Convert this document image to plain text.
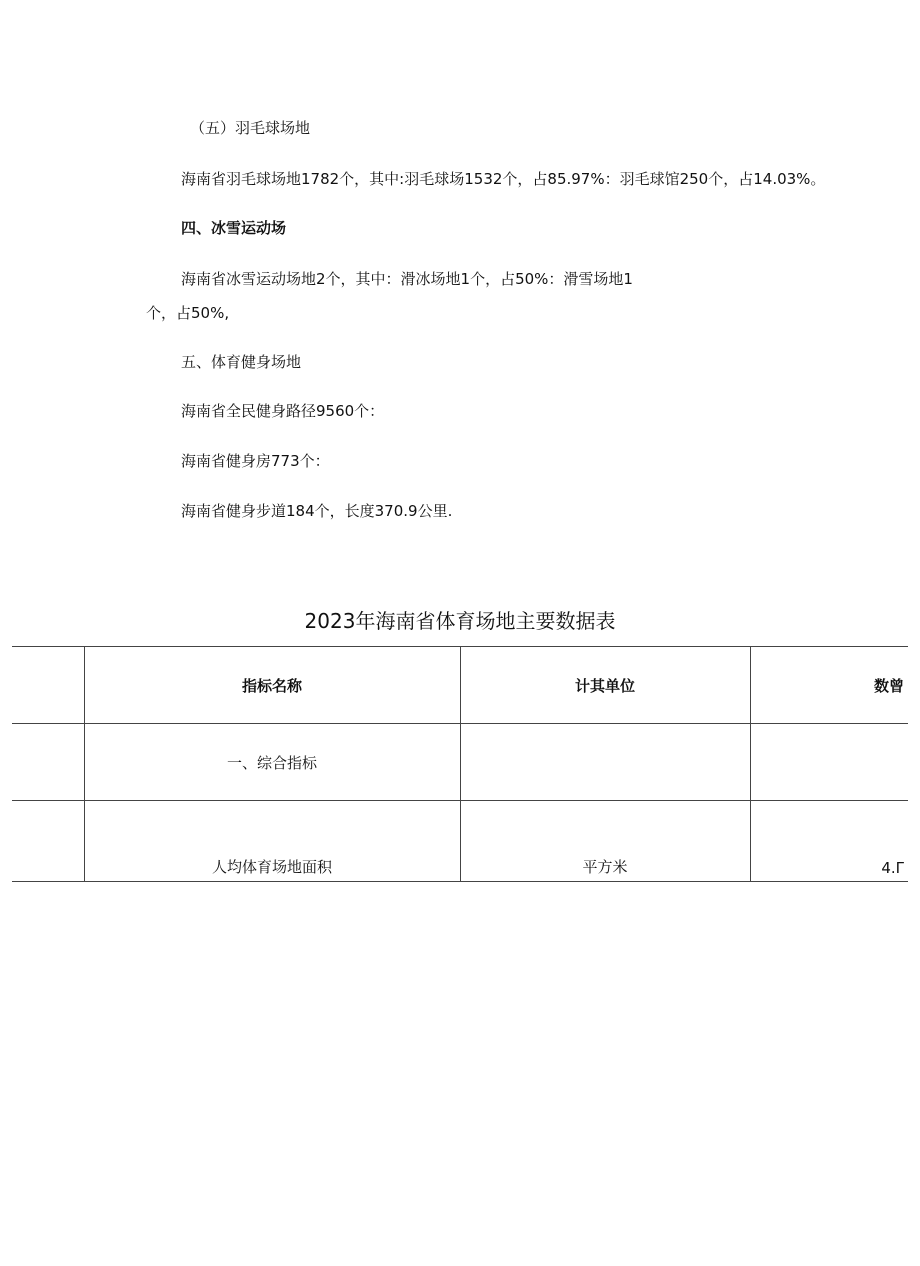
（五）羽毛球场地

海南省羽毛球场地1782个，其中:羽毛球场1532个，占85.97%：羽毛球馆250个，占14.03%。

四、冰雪运动场

海南省冰雪运动场地2个，其中：滑冰场地1个，占50%：滑雪场地1

个，占50%,

五、体育健身场地

海南省全民健身路径9560个：

海南省健身房773个：

海南省健身步道184个，长度370.9公里.

2023年海南省体育场地主要数据表
	指标名称	计其单位	数曾
	一、综合指标		
	人均体育场地面积	平方米	4.Γ
